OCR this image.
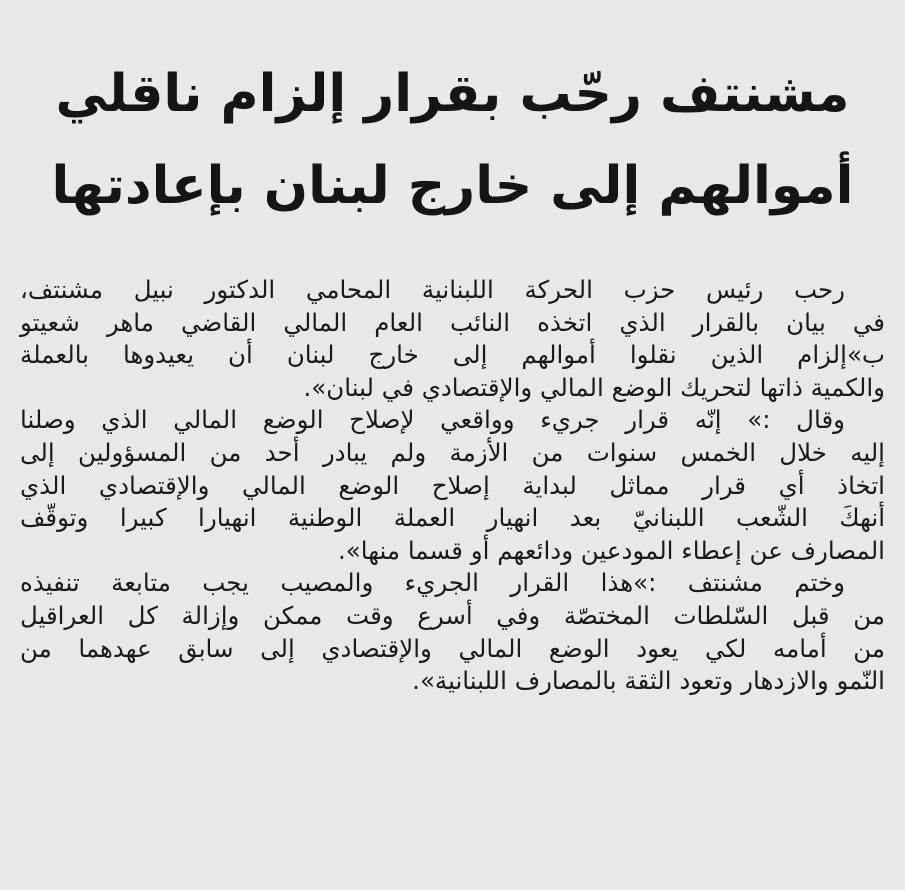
مشنتف رحّب بقرار إلزام ناقلي
أموالهم إلى خارج لبنان بإعادتها
رحب رئيس حزب الحركة اللبنانية المحامي الدكتور نبيل مشنتف،
في بيان بالقرار الذي اتخذه النائب العام المالي القاضي ماهر شعيتو
ب»إلزام الذين نقلوا أموالهم إلى خارج لبنان أن يعيدوها بالعملة
والكمية ذاتها لتحريك الوضع المالي والإقتصادي في لبنان».
وقال :» إنّه قرار جريء وواقعي لإصلاح الوضع المالي الذي وصلنا
إليه خلال الخمس سنوات من الأزمة ولم يبادر أحد من المسؤولين إلى
اتخاذ أي قرار مماثل لبداية إصلاح الوضع المالي والإقتصادي الذي
أنهكَ الشّعب اللبنانيّ بعد انهيار العملة الوطنية انهيارا كبيرا وتوقّف
المصارف عن إعطاء المودعين ودائعهم أو قسما منها».
وختم مشنتف :»هذا القرار الجريء والمصيب يجب متابعة تنفيذه
من قبل السّلطات المختصّة وفي أسرع وقت ممكن وإزالة كل العراقيل
من أمامه لكي يعود الوضع المالي والإقتصادي إلى سابق عهدهما من
النّمو والازدهار وتعود الثقة بالمصارف اللبنانية».
